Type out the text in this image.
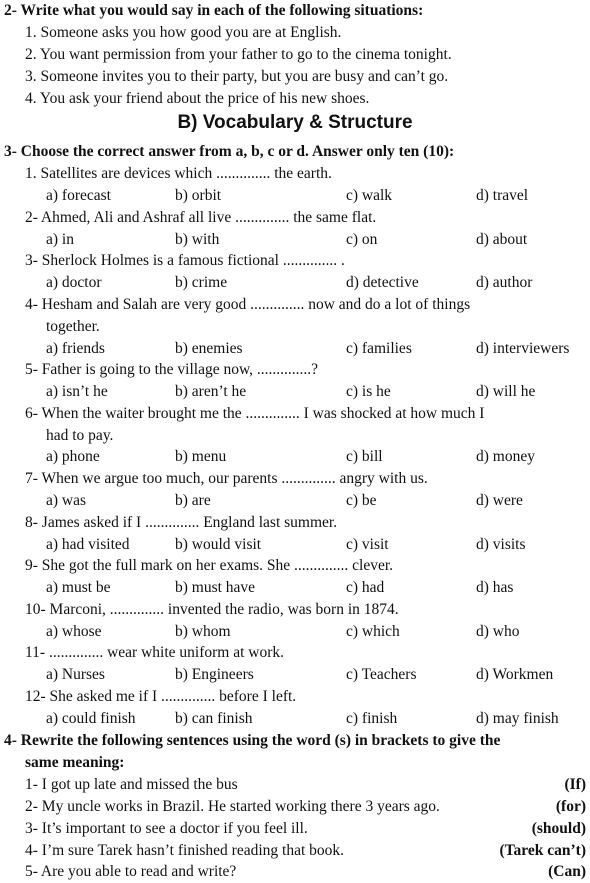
2- Write what you would say in each of the following situations:
1. Someone asks you how good you are at English.
2. You want permission from your father to go to the cinema tonight.
3. Someone invites you to their party, but you are busy and can’t go.
4. You ask your friend about the price of his new shoes.
B) Vocabulary & Structure
3- Choose the correct answer from a, b, c or d. Answer only ten (10):
1. Satellites are devices which .............. the earth.
a) forecast	b) orbit	c) walk	d) travel
2- Ahmed, Ali and Ashraf all live .............. the same flat.
a) in	b) with	c) on	d) about
3- Sherlock Holmes is a famous fictional .............. .
a) doctor	b) crime	d) detective	d) author
4- Hesham and Salah are very good .............. now and do a lot of things
together.
a) friends	b) enemies	c) families	d) interviewers
5- Father is going to the village now, ..............?
a) isn’t he	b) aren’t he	c) is he	d) will he
6- When the waiter brought me the .............. I was shocked at how much I
had to pay.
a) phone	b) menu	c) bill	d) money
7- When we argue too much, our parents .............. angry with us.
a) was	b) are	c) be	d) were
8- James asked if I .............. England last summer.
a) had visited	b) would visit	c) visit	d) visits
9- She got the full mark on her exams. She .............. clever.
a) must be	b) must have	c) had	d) has
10- Marconi, .............. invented the radio, was born in 1874.
a) whose	b) whom	c) which	d) who
11- .............. wear white uniform at work.
a) Nurses	b) Engineers	c) Teachers	d) Workmen
12- She asked me if I .............. before I left.
a) could finish	b) can finish	c) finish	d) may finish
4- Rewrite the following sentences using the word (s) in brackets to give the
same meaning:
1- I got up late and missed the bus	(If)
2- My uncle works in Brazil. He started working there 3 years ago.	(for)
3- It’s important to see a doctor if you feel ill.	(should)
4- I’m sure Tarek hasn’t finished reading that book.	(Tarek can’t)
5- Are you able to read and write?	(Can)
